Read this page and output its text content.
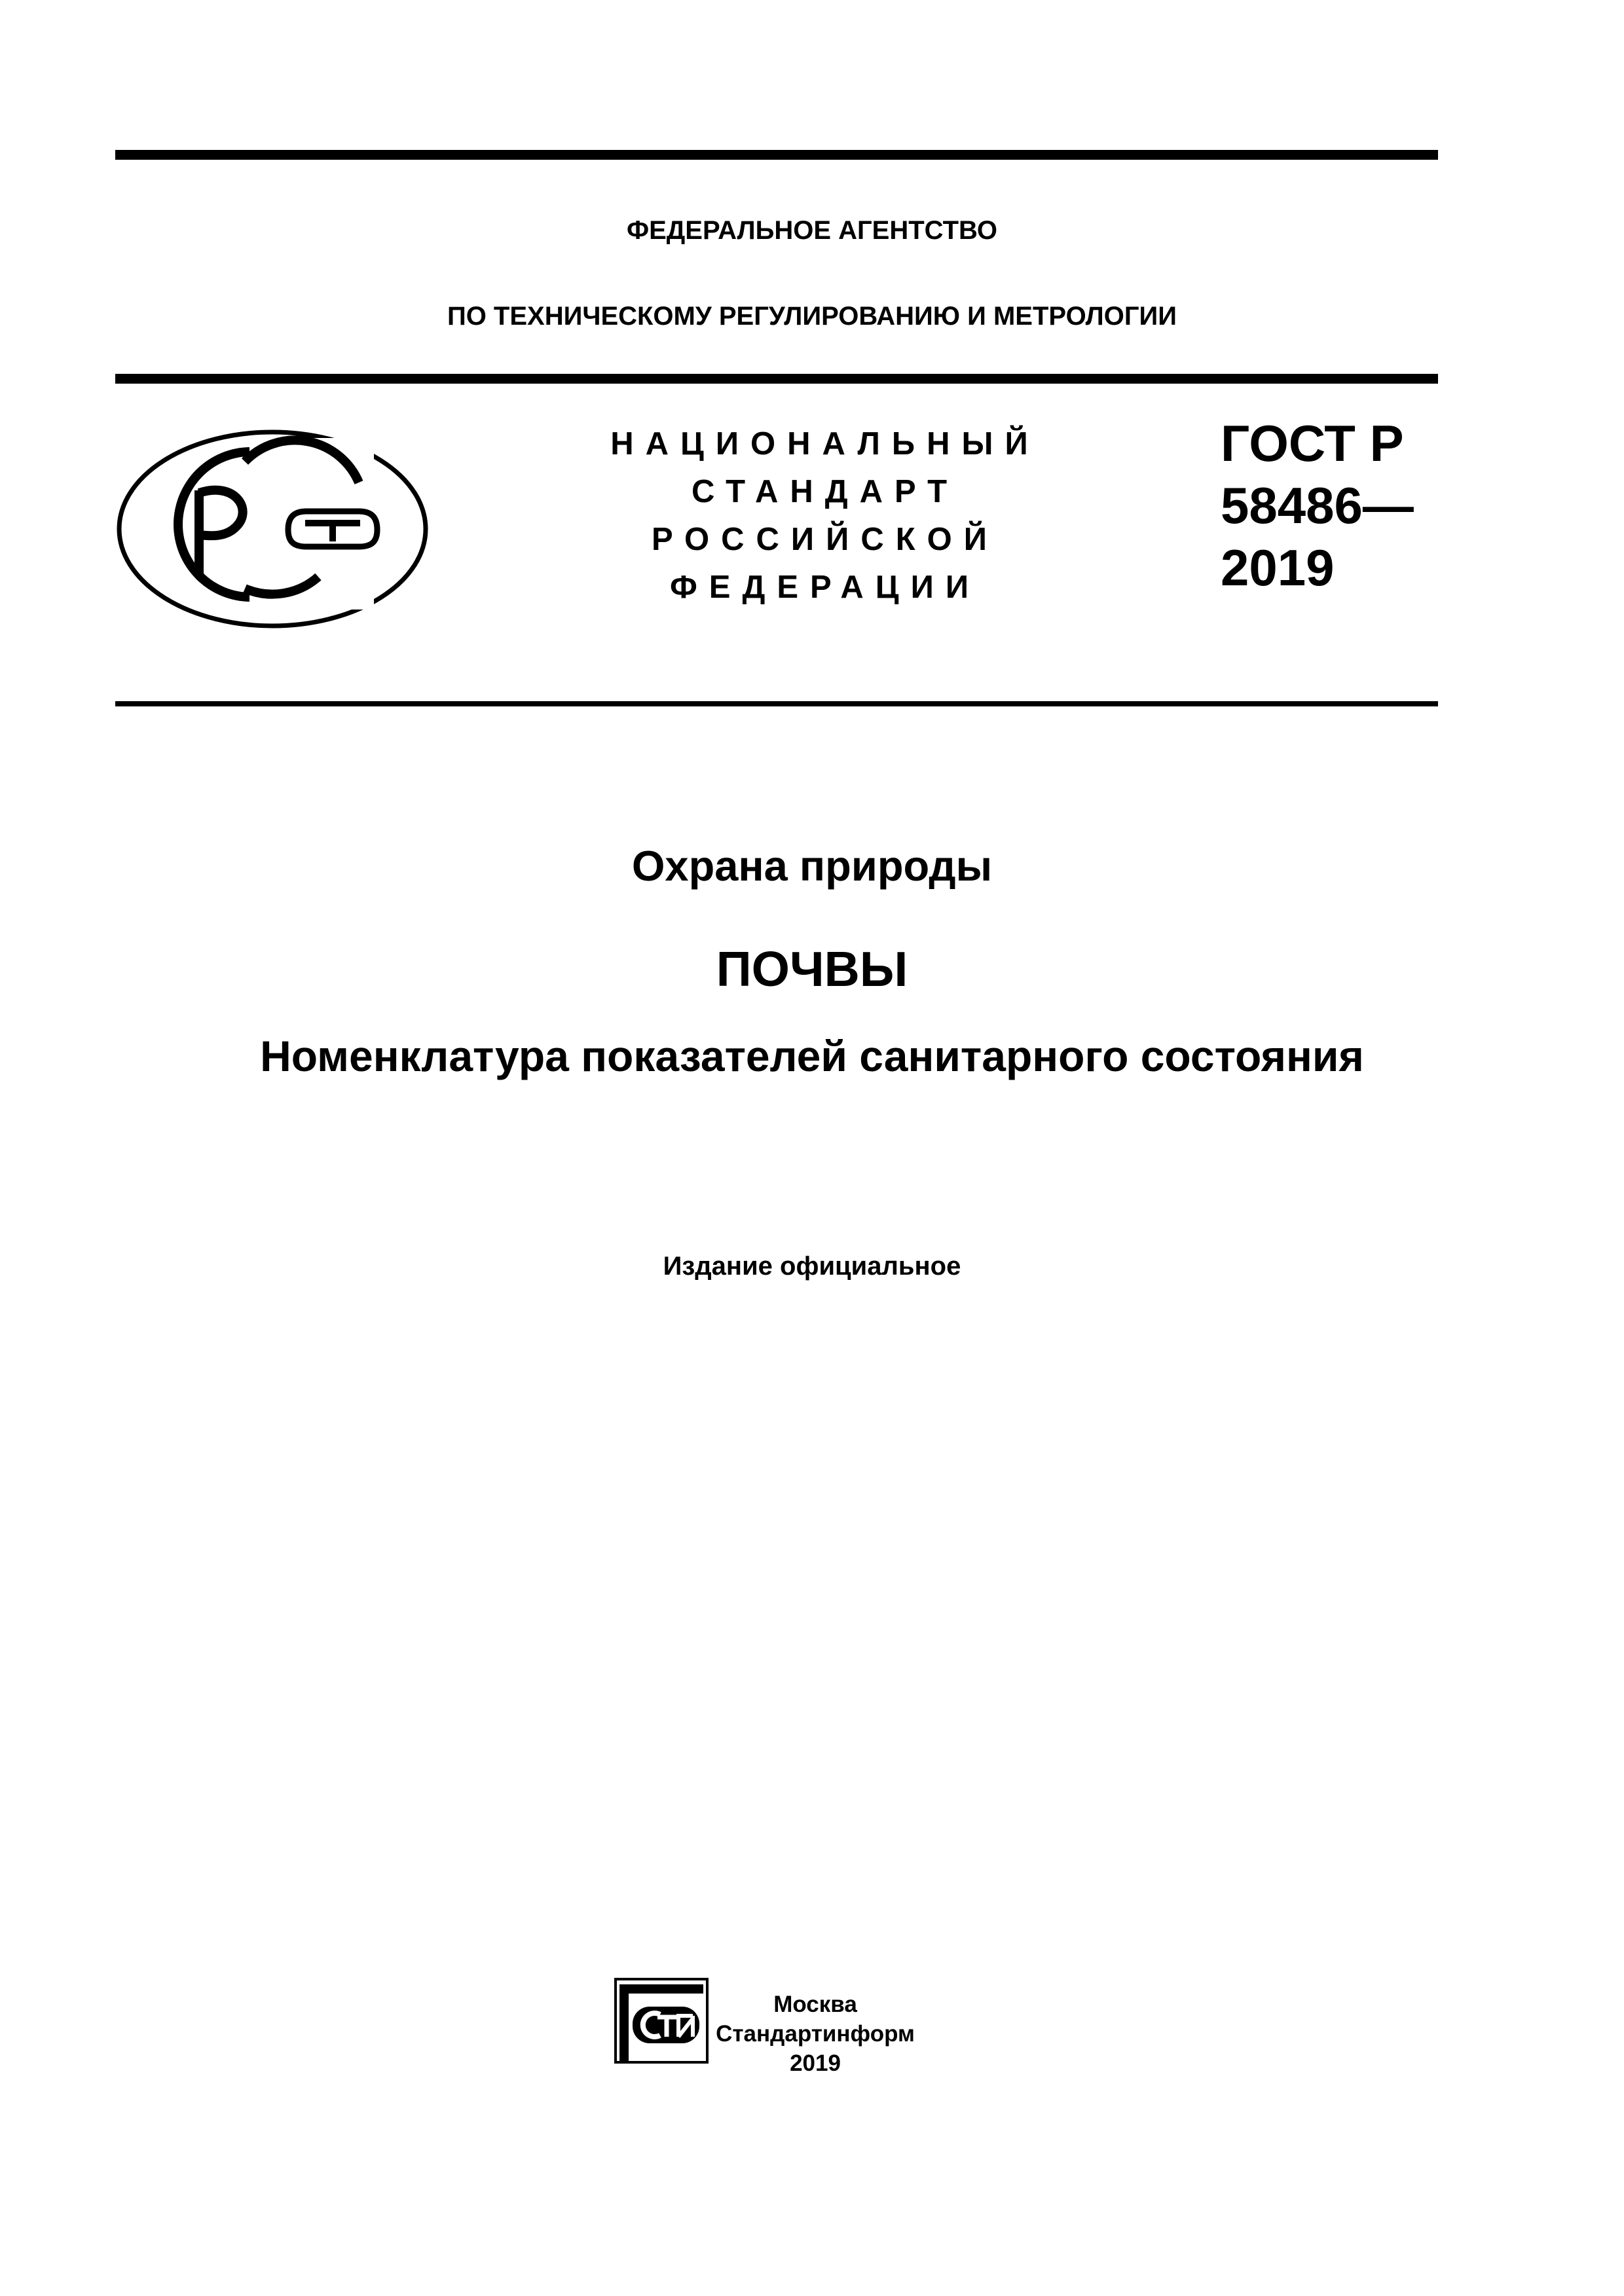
ФЕДЕРАЛЬНОЕ АГЕНТСТВО
ПО ТЕХНИЧЕСКОМУ РЕГУЛИРОВАНИЮ И МЕТРОЛОГИИ
НАЦИОНАЛЬНЫЙ
СТАНДАРТ
РОССИЙСКОЙ
ФЕДЕРАЦИИ
ГОСТ Р
58486—
2019
Охрана природы
ПОЧВЫ
Номенклатура показателей санитарного состояния
Издание официальное
Москва
Стандартинформ
2019
